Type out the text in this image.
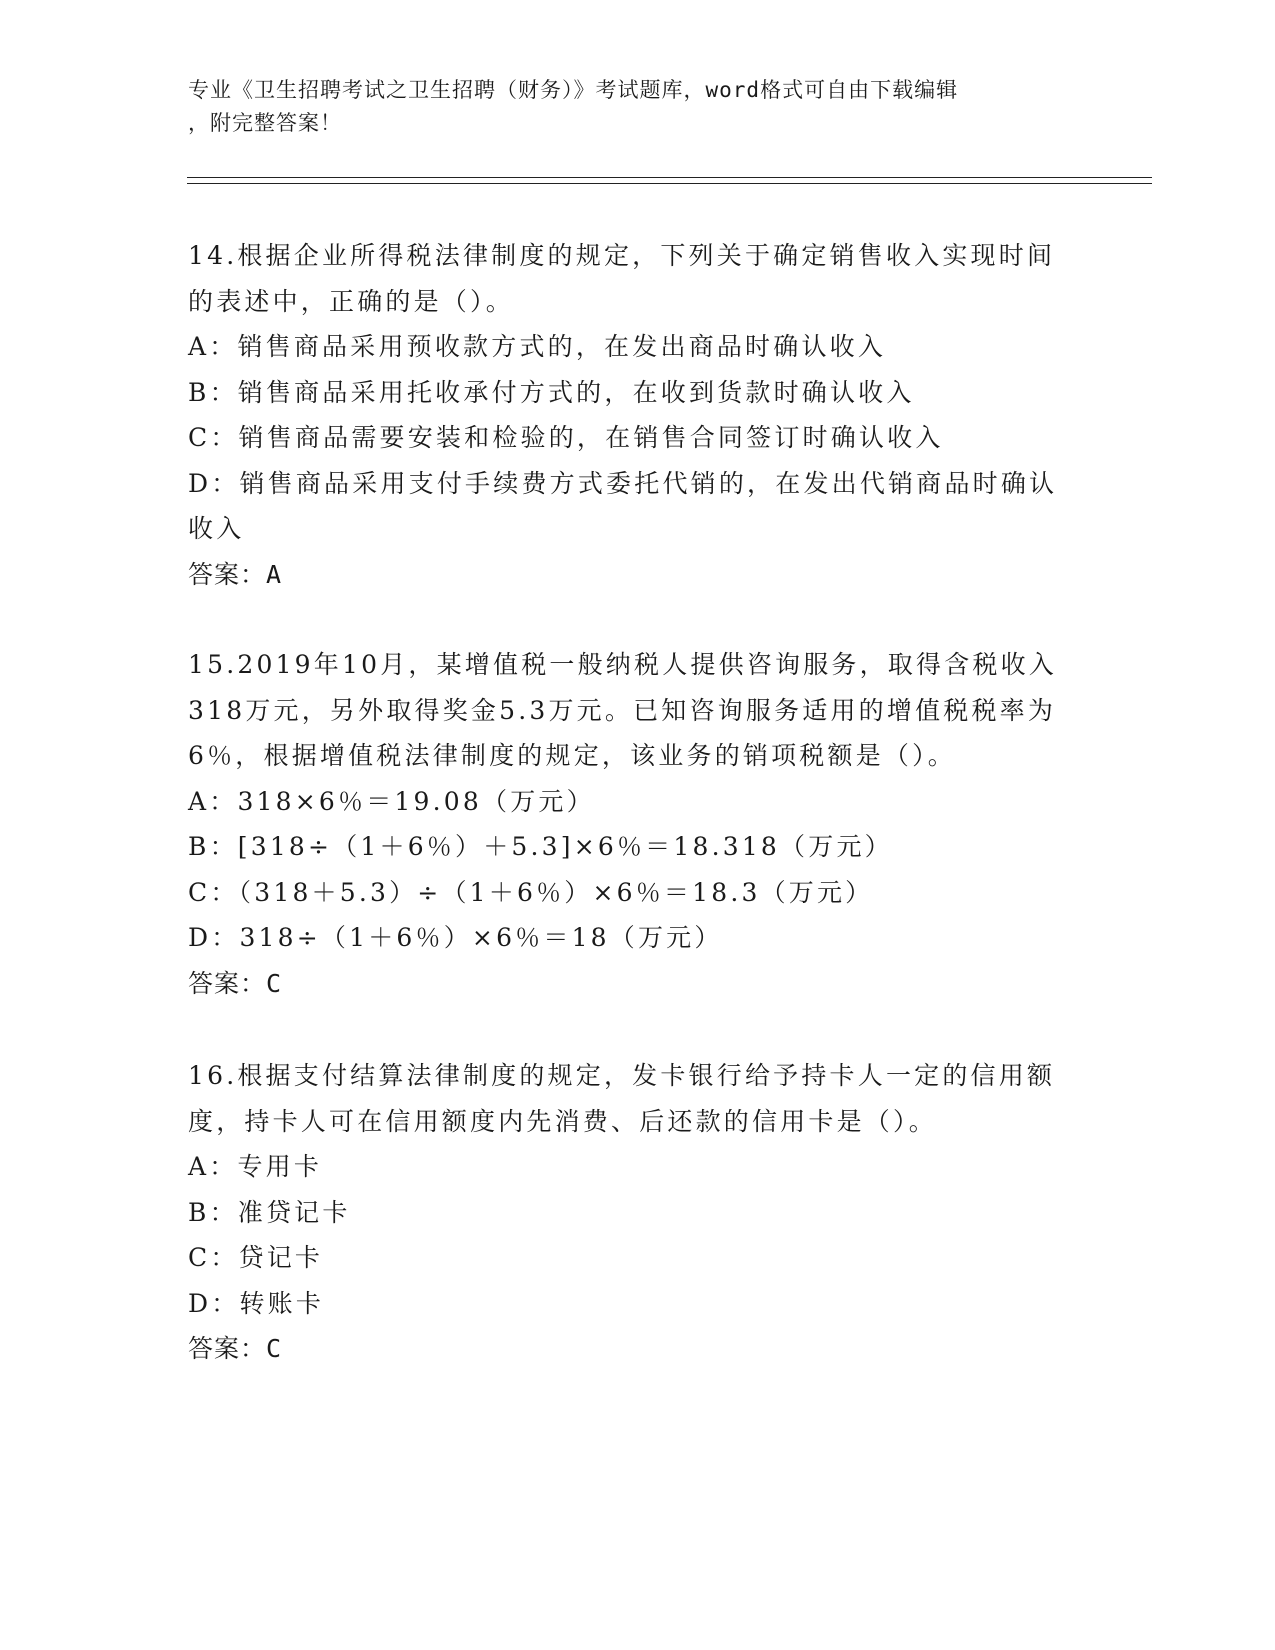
专业《卫生招聘考试之卫生招聘（财务）》考试题库，word格式可自由下载编辑
，附完整答案！
14.根据企业所得税法律制度的规定，下列关于确定销售收入实现时间
的表述中，正确的是（）。
A：销售商品采用预收款方式的，在发出商品时确认收入
B：销售商品采用托收承付方式的，在收到货款时确认收入
C：销售商品需要安装和检验的，在销售合同签订时确认收入
D：销售商品采用支付手续费方式委托代销的，在发出代销商品时确认
收入
答案：A
15.2019年10月，某增值税一般纳税人提供咨询服务，取得含税收入
318万元，另外取得奖金5.3万元。已知咨询服务适用的增值税税率为
6％，根据增值税法律制度的规定，该业务的销项税额是（）。
A：318×6％＝19.08（万元）
B：[318÷（1＋6％）＋5.3]×6％＝18.318（万元）
C：（318＋5.3）÷（1＋6％）×6％＝18.3（万元）
D：318÷（1＋6％）×6％＝18（万元）
答案：C
16.根据支付结算法律制度的规定，发卡银行给予持卡人一定的信用额
度，持卡人可在信用额度内先消费、后还款的信用卡是（）。
A：专用卡
B：准贷记卡
C：贷记卡
D：转账卡
答案：C
